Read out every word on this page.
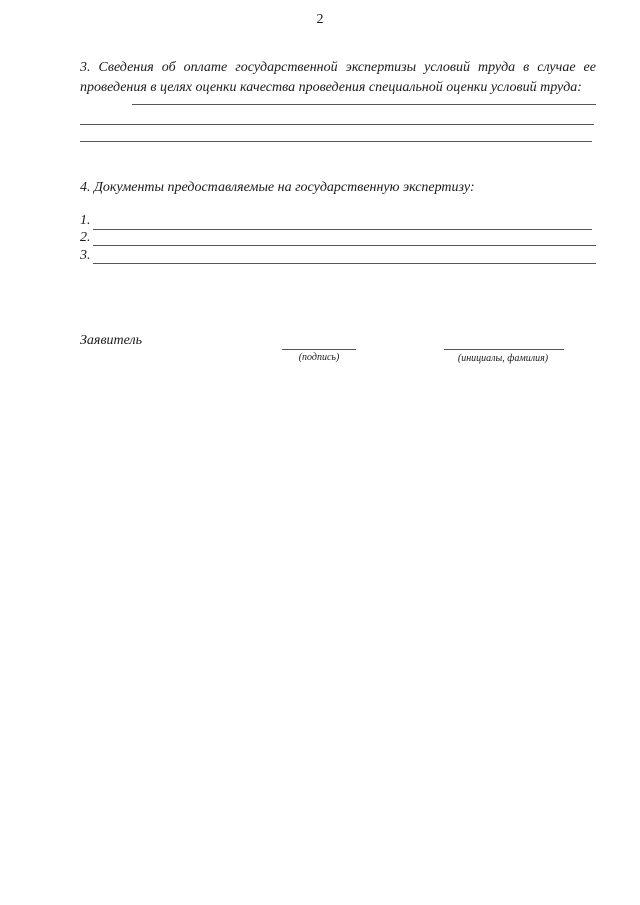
2
3. Сведения об оплате государственной экспертизы условий труда в случае ее проведения в целях оценки качества проведения специальной оценки условий труда:
4. Документы предоставляемые на государственную экспертизу:
1.
2.
3.
Заявитель
(подпись)	(инициалы, фамилия)
